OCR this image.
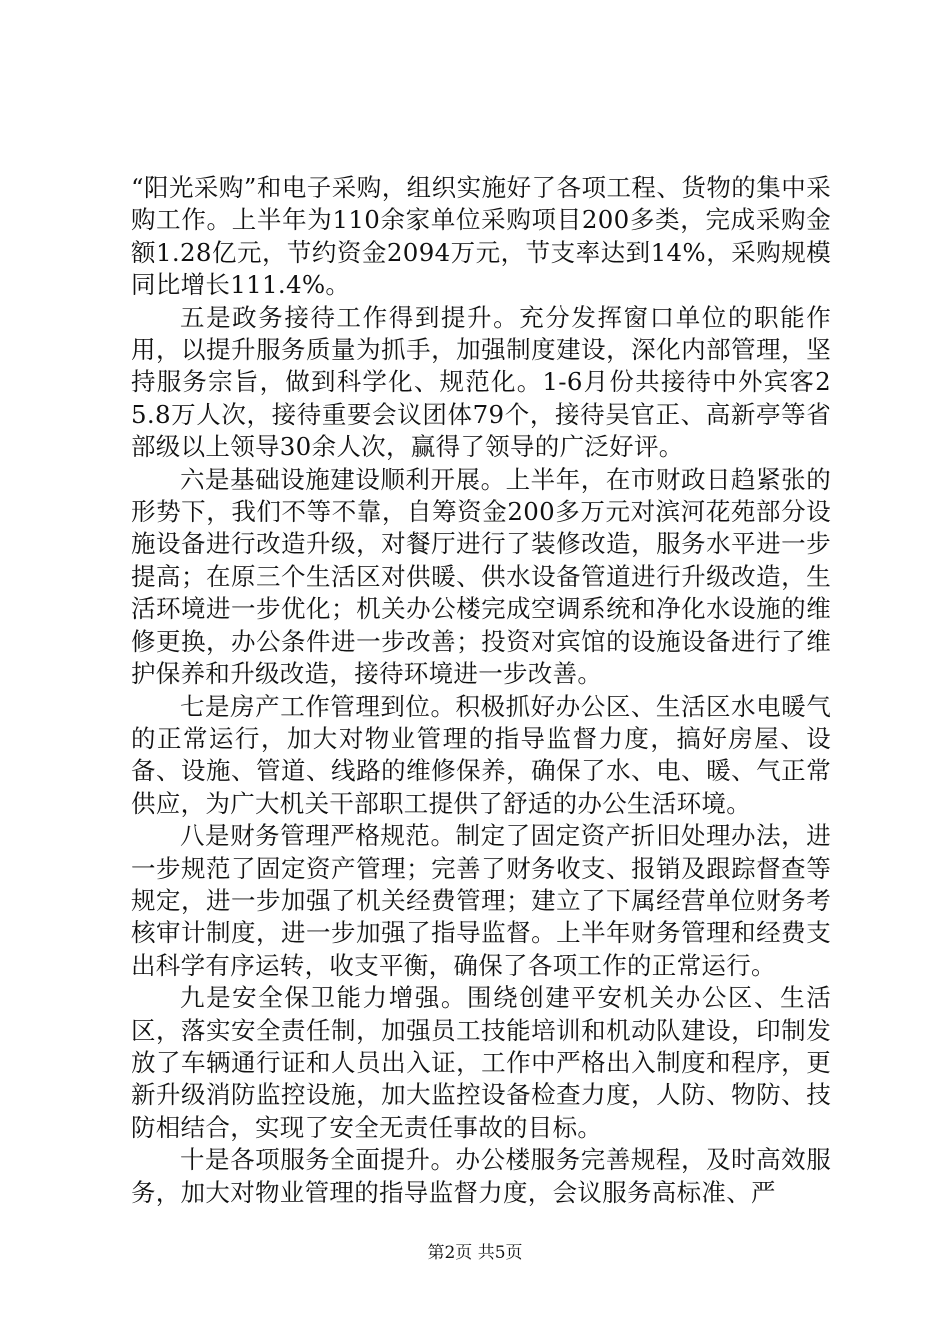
“阳光采购”和电子采购，组织实施好了各项工程、货物的集中采购工作。上半年为110余家单位采购项目200多类，完成采购金额1.28亿元，节约资金2094万元，节支率达到14%，采购规模同比增长111.4%。

五是政务接待工作得到提升。充分发挥窗口单位的职能作用，以提升服务质量为抓手，加强制度建设，深化内部管理，坚持服务宗旨，做到科学化、规范化。1-6月份共接待中外宾客25.8万人次，接待重要会议团体79个，接待吴官正、高新亭等省部级以上领导30余人次，赢得了领导的广泛好评。

六是基础设施建设顺利开展。上半年，在市财政日趋紧张的形势下，我们不等不靠，自筹资金200多万元对滨河花苑部分设施设备进行改造升级，对餐厅进行了装修改造，服务水平进一步提高；在原三个生活区对供暖、供水设备管道进行升级改造，生活环境进一步优化；机关办公楼完成空调系统和净化水设施的维修更换，办公条件进一步改善；投资对宾馆的设施设备进行了维护保养和升级改造，接待环境进一步改善。

七是房产工作管理到位。积极抓好办公区、生活区水电暖气的正常运行，加大对物业管理的指导监督力度，搞好房屋、设备、设施、管道、线路的维修保养，确保了水、电、暖、气正常供应，为广大机关干部职工提供了舒适的办公生活环境。

八是财务管理严格规范。制定了固定资产折旧处理办法，进一步规范了固定资产管理；完善了财务收支、报销及跟踪督查等规定，进一步加强了机关经费管理；建立了下属经营单位财务考核审计制度，进一步加强了指导监督。上半年财务管理和经费支出科学有序运转，收支平衡，确保了各项工作的正常运行。

九是安全保卫能力增强。围绕创建平安机关办公区、生活区，落实安全责任制，加强员工技能培训和机动队建设，印制发放了车辆通行证和人员出入证，工作中严格出入制度和程序，更新升级消防监控设施，加大监控设备检查力度，人防、物防、技防相结合，实现了安全无责任事故的目标。

十是各项服务全面提升。办公楼服务完善规程，及时高效服务，加大对物业管理的指导监督力度，会议服务高标准、严

第2页 共5页
